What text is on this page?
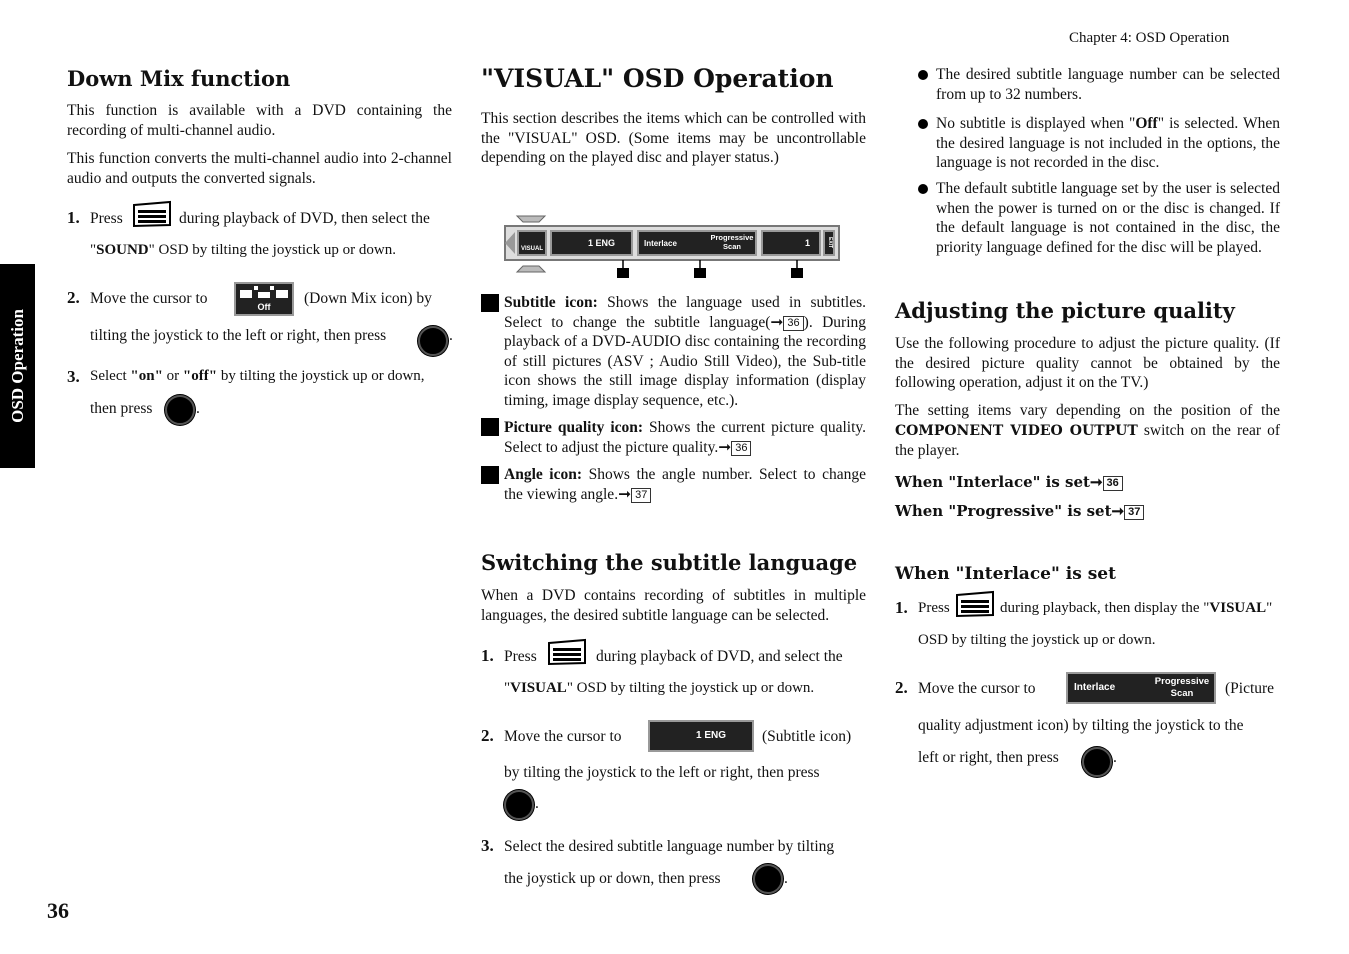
Chapter 4: OSD Operation
OSD Operation
36
Down Mix function
This function is available with a DVD containing the recording of multi-channel audio.
This function converts the multi-channel audio into 2-channel audio and outputs the converted signals.
1. Press	during playback of DVD, then select the
"SOUND" OSD by tilting the joystick up or down.
2. Move the cursor to	Off	(Down Mix icon) by
tilting the joystick to the left or right, then press	.
3. Select "on" or "off" by tilting the joystick up or down,
then press	.
"VISUAL" OSD Operation
This section describes the items which can be controlled with the "VISUAL" OSD. (Some items may be uncontrollable depending on the played disc and player status.)
VISUAL
1 ENG	Interlace
Progressive
Scan	1	EXIT
Subtitle icon: Shows the language used in subtitles. Select to change the subtitle language(➞ 36 ). During playback of a DVD-AUDIO disc containing the recording of still pictures (ASV ; Audio Still Video), the Sub-title icon shows the still image display information (display timing, image display sequence, etc.).
Picture quality icon: Shows the current picture quality. Select to adjust the picture quality.➞ 36
Angle icon: Shows the angle number. Select to change the viewing angle.➞ 37
Switching the subtitle language
When a DVD contains recording of subtitles in multiple languages, the desired subtitle language can be selected.
1. Press	during playback of DVD, and select the
"VISUAL" OSD by tilting the joystick up or down.
2. Move the cursor to	1 ENG	(Subtitle icon)
by tilting the joystick to the left or right, then press
.
3. Select the desired subtitle language number by tilting
the joystick up or down, then press	.
The desired subtitle language number can be selected from up to 32 numbers.
No subtitle is displayed when "Off" is selected. When the desired language is not included in the options, the language is not recorded in the disc.
The default subtitle language set by the user is selected when the power is turned on or the disc is changed. If the default language is not contained in the disc, the priority language defined for the disc will be played.
Adjusting the picture quality
Use the following procedure to adjust the picture quality. (If the desired picture quality cannot be obtained by the following operation, adjust it on the TV.)
The setting items vary depending on the position of the COMPONENT VIDEO OUTPUT switch on the rear of the player.
When "Interlace" is set➞ 36
When "Progressive" is set➞ 37
When "Interlace" is set
1. Press	during playback, then display the "VISUAL"
OSD by tilting the joystick up or down.
2. Move the cursor to	Interlace
Progressive
Scan	(Picture
quality adjustment icon) by tilting the joystick to the
left or right, then press	.
